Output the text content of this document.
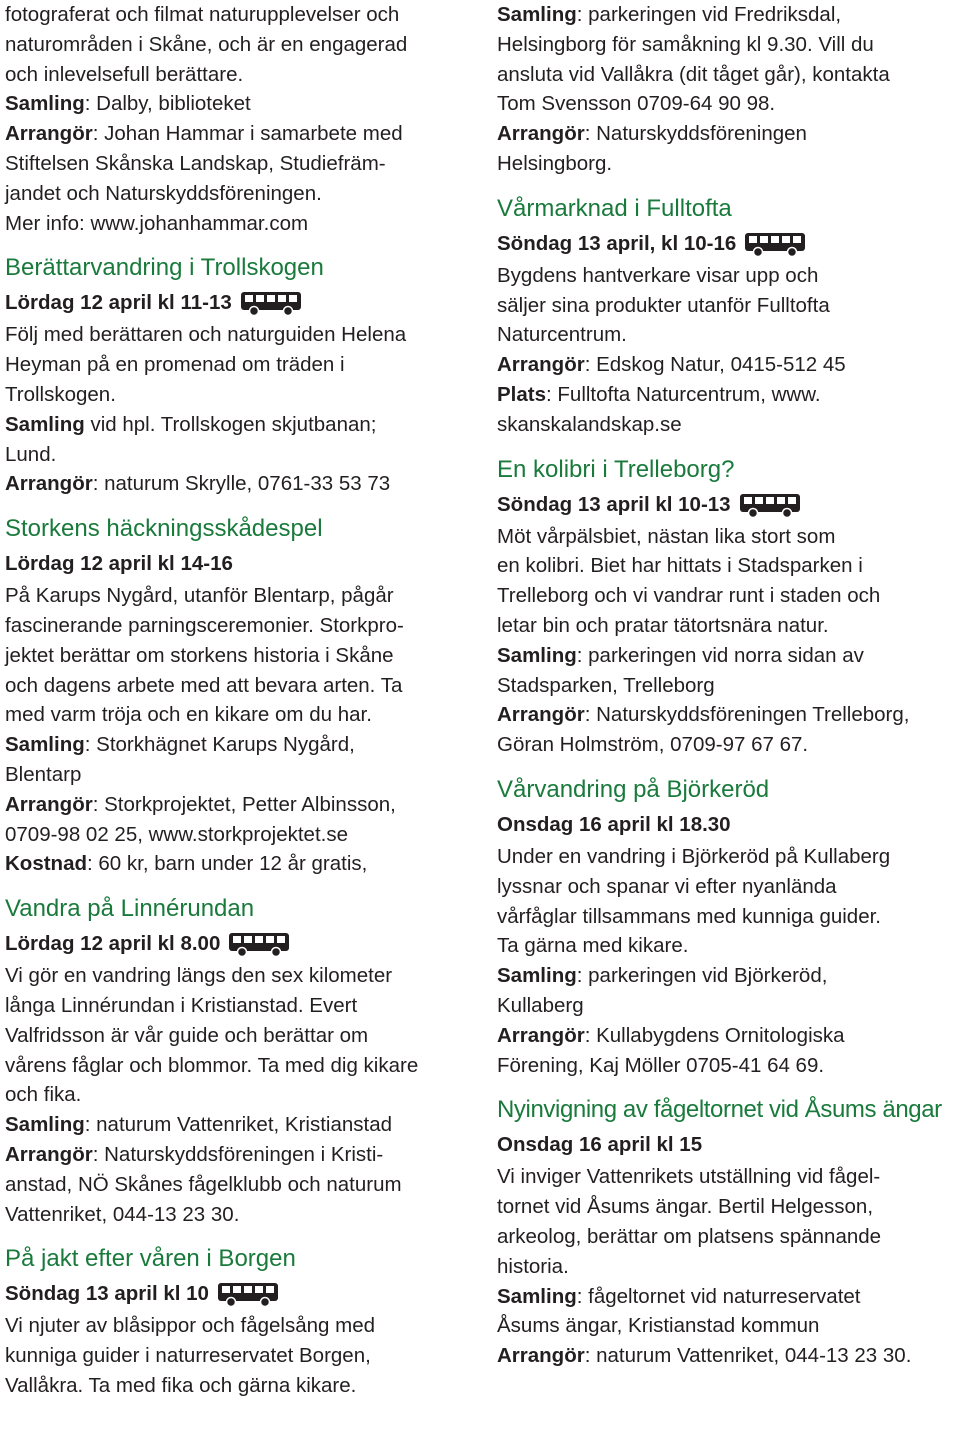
fotograferat och filmat naturupplevelser och

naturområden i Skåne, och är en engagerad

och inlevelsefull berättare.

Samling: Dalby, biblioteket

Arrangör: Johan Hammar i samarbete med

Stiftelsen Skånska Landskap, Studiefräm-

jandet och Naturskyddsföreningen.

Mer info: www.johanhammar.com

Berättarvandring i Trollskogen
Lördag 12 april kl 11-13

Följ med berättaren och naturguiden Helena

Heyman på en promenad om träden i

Trollskogen.

Samling vid hpl. Trollskogen skjutbanan;

Lund.

Arrangör: naturum Skrylle, 0761-33 53 73

Storkens häckningsskådespel
Lördag 12 april kl 14-16

På Karups Nygård, utanför Blentarp, pågår

fascinerande parningsceremonier. Storkpro-

jektet berättar om storkens historia i Skåne

och dagens arbete med att bevara arten. Ta

med varm tröja och en kikare om du har.

Samling: Storkhägnet Karups Nygård,

Blentarp

Arrangör: Storkprojektet, Petter Albinsson,

0709-98 02 25, www.storkprojektet.se

Kostnad: 60 kr, barn under 12 år gratis,

Vandra på Linnérundan
Lördag 12 april kl 8.00

Vi gör en vandring längs den sex kilometer

långa Linnérundan i Kristianstad. Evert

Valfridsson är vår guide och berättar om

vårens fåglar och blommor. Ta med dig kikare

och fika.

Samling: naturum Vattenriket, Kristianstad

Arrangör: Naturskyddsföreningen i Kristi-

anstad, NÖ Skånes fågelklubb och naturum

Vattenriket, 044-13 23 30.

På jakt efter våren i Borgen
Söndag 13 april kl 10

Vi njuter av blåsippor och fågelsång med

kunniga guider i naturreservatet Borgen,

Vallåkra. Ta med fika och gärna kikare.

Samling: parkeringen vid Fredriksdal,

Helsingborg för samåkning kl 9.30. Vill du

ansluta vid Vallåkra (dit tåget går), kontakta

Tom Svensson 0709-64 90 98.

Arrangör: Naturskyddsföreningen

Helsingborg.

Vårmarknad i Fulltofta
Söndag 13 april, kl 10-16

Bygdens hantverkare visar upp och

säljer sina produkter utanför Fulltofta

Naturcentrum.

Arrangör: Edskog Natur, 0415-512 45

Plats: Fulltofta Naturcentrum, www.

skanskalandskap.se

En kolibri i Trelleborg?
Söndag 13 april kl 10-13

Möt vårpälsbiet, nästan lika stort som

en kolibri. Biet har hittats i Stadsparken i

Trelleborg och vi vandrar runt i staden och

letar bin och pratar tätortsnära natur.

Samling: parkeringen vid norra sidan av

Stadsparken, Trelleborg

Arrangör: Naturskyddsföreningen Trelleborg,

Göran Holmström, 0709-97 67 67.

Vårvandring på Björkeröd
Onsdag 16 april kl 18.30

Under en vandring i Björkeröd på Kullaberg

lyssnar och spanar vi efter nyanlända

vårfåglar tillsammans med kunniga guider.

Ta gärna med kikare.

Samling: parkeringen vid Björkeröd,

Kullaberg

Arrangör: Kullabygdens Ornitologiska

Förening, Kaj Möller 0705-41 64 69.

Nyinvigning av fågeltornet vid Åsums ängar
Onsdag 16 april kl 15

Vi inviger Vattenrikets utställning vid fågel-

tornet vid Åsums ängar. Bertil Helgesson,

arkeolog, berättar om platsens spännande

historia.

Samling: fågeltornet vid naturreservatet

Åsums ängar, Kristianstad kommun

Arrangör: naturum Vattenriket, 044-13 23 30.
